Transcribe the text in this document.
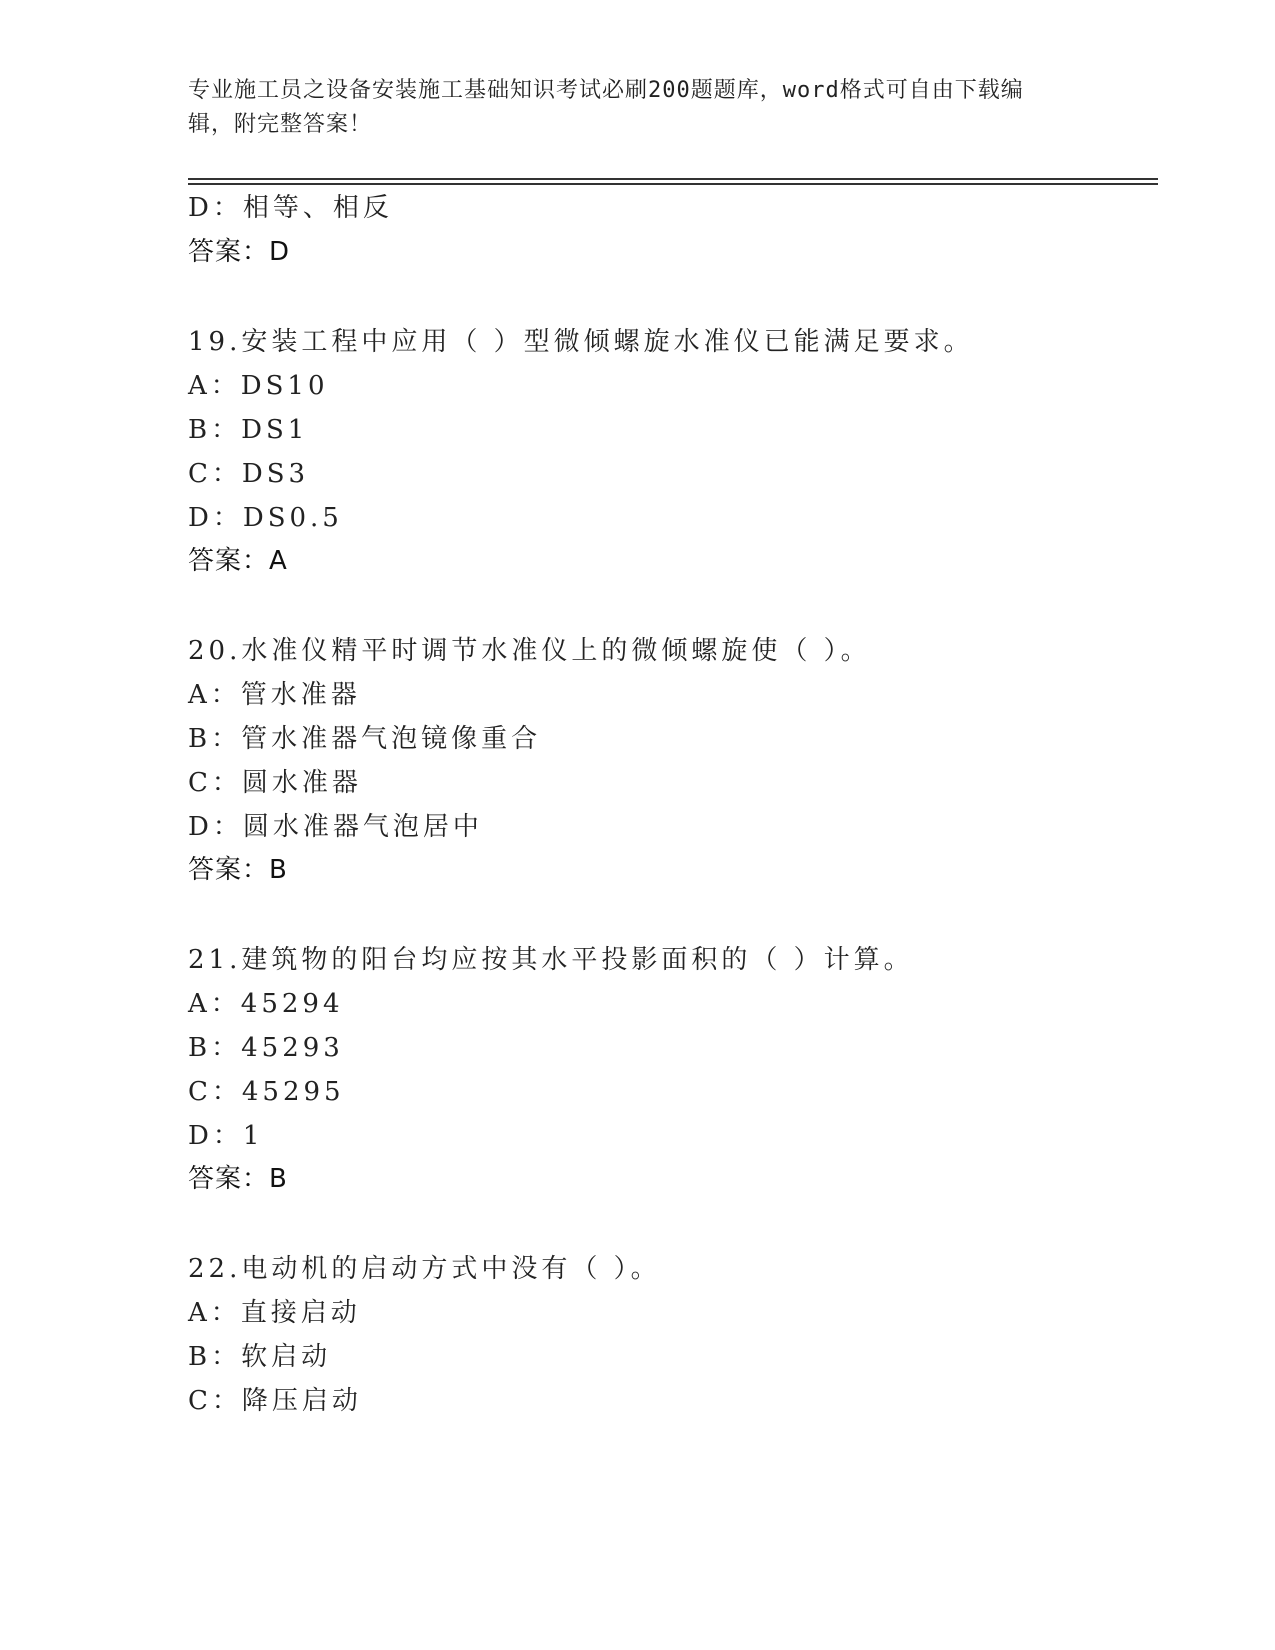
专业施工员之设备安装施工基础知识考试必刷200题题库，word格式可自由下载编辑，附完整答案！
D：相等、相反
答案：D
19.安装工程中应用（ ）型微倾螺旋水准仪已能满足要求。
A：DS10
B：DS1
C：DS3
D：DS0.5
答案：A
20.水准仪精平时调节水准仪上的微倾螺旋使（ ）。
A：管水准器
B：管水准器气泡镜像重合
C：圆水准器
D：圆水准器气泡居中
答案：B
21.建筑物的阳台均应按其水平投影面积的（ ）计算。
A：45294
B：45293
C：45295
D：1
答案：B
22.电动机的启动方式中没有（ ）。
A：直接启动
B：软启动
C：降压启动
